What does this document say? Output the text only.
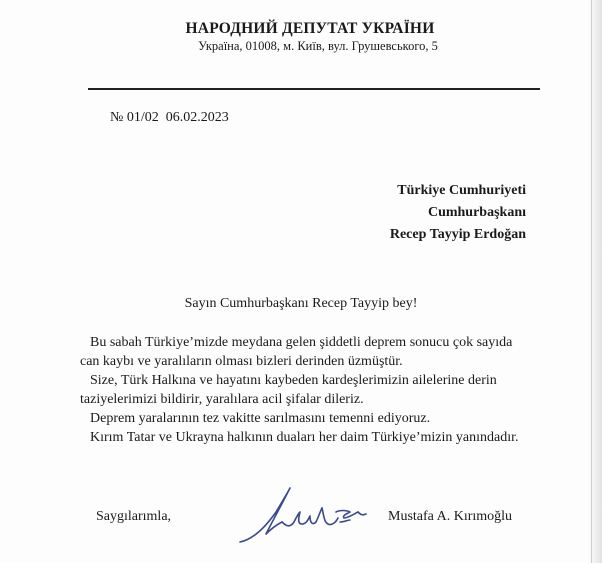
НАРОДНИЙ ДЕПУТАТ УКРАЇНИ
Україна, 01008, м. Київ, вул. Грушевського, 5
№ 01/02  06.02.2023
Türkiye Cumhuriyeti
Cumhurbaşkanı
Recep Tayyip Erdoğan
Sayın Cumhurbaşkanı Recep Tayyip bey!
Bu sabah Türkiye’mizde meydana gelen şiddetli deprem sonucu çok sayıda
can kaybı ve yaralıların olması bizleri derinden üzmüştür.
Size, Türk Halkına ve hayatını kaybeden kardeşlerimizin ailelerine derin
taziyelerimizi bildirir, yaralılara acil şifalar dileriz.
Deprem yaralarının tez vakitte sarılmasını temenni ediyoruz.
Kırım Tatar ve Ukrayna halkının duaları her daim Türkiye’mizin yanındadır.
Saygılarımla,	Mustafa A. Kırımoğlu
